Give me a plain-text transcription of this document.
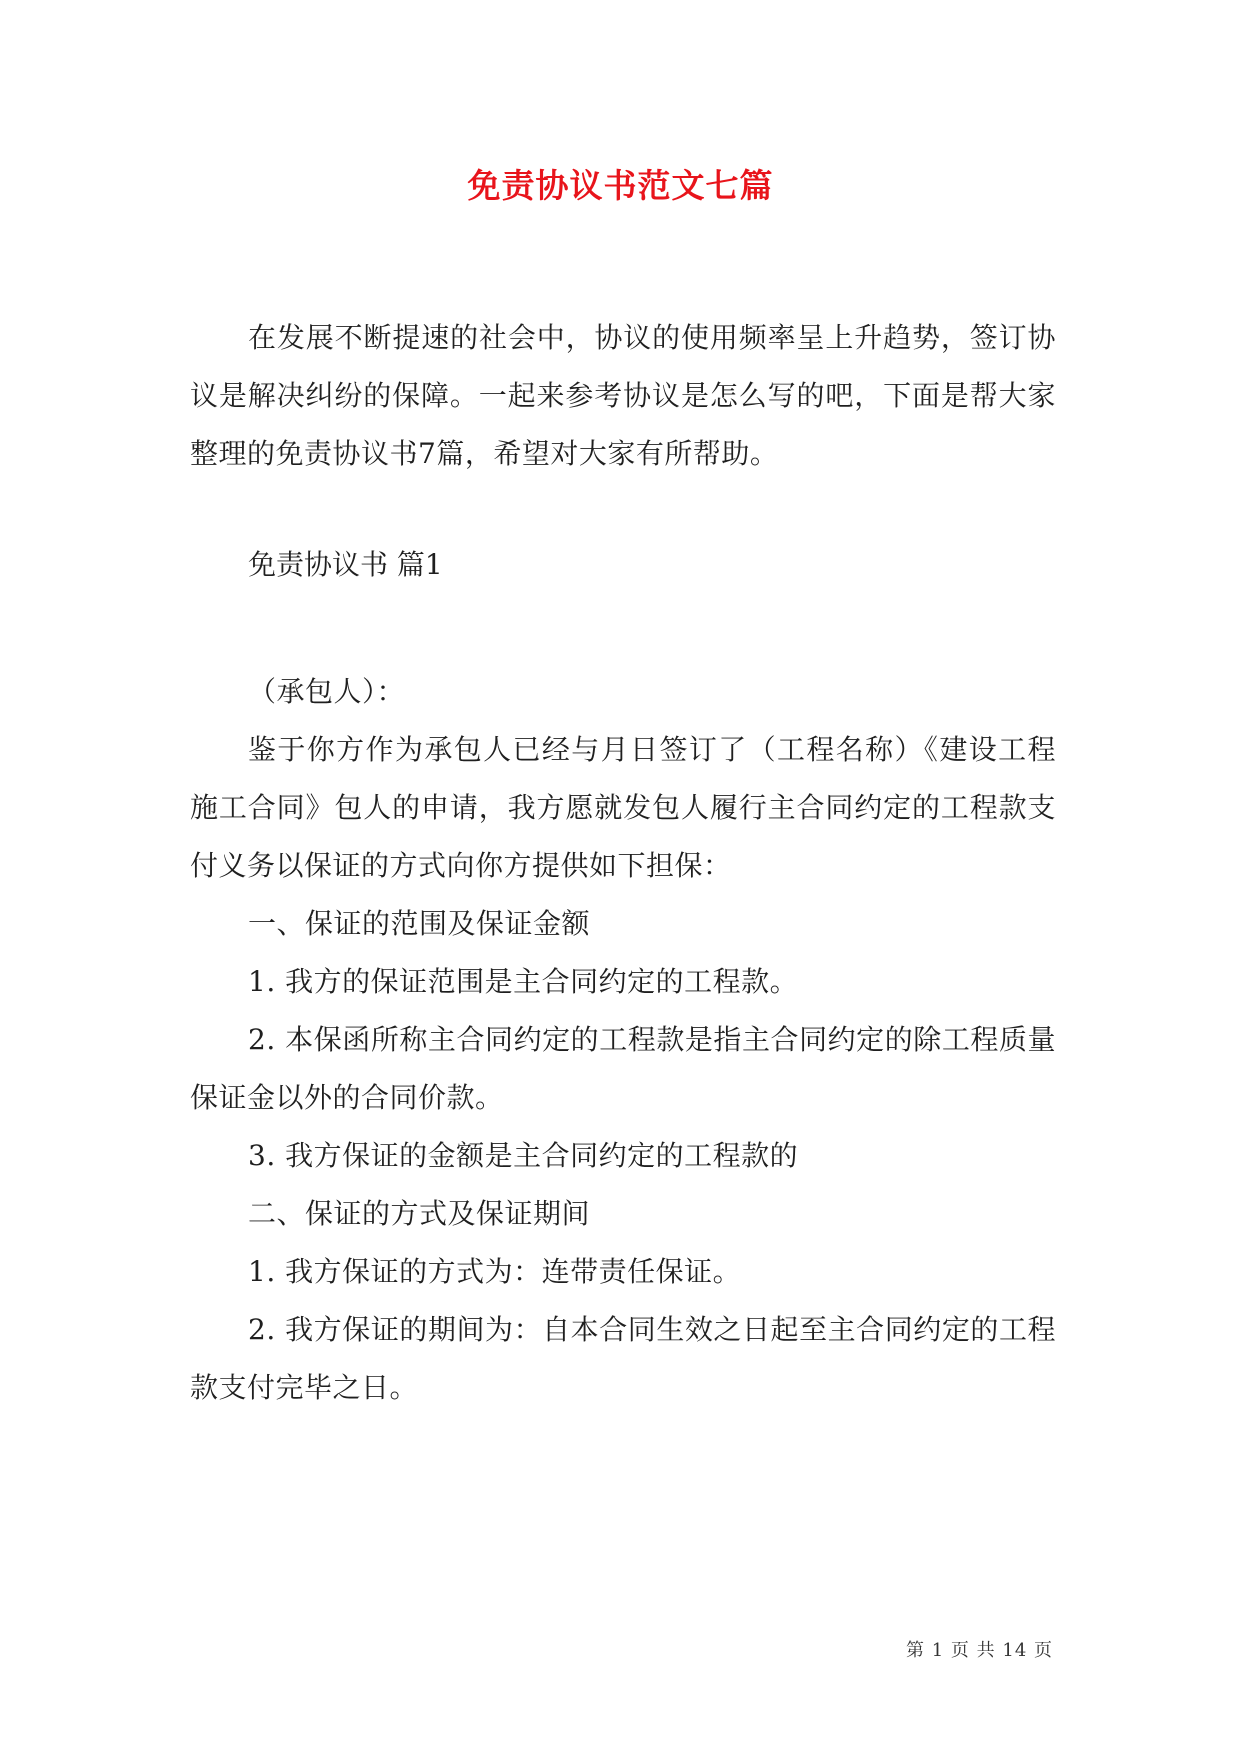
免责协议书范文七篇

在发展不断提速的社会中，协议的使用频率呈上升趋势，签订协议是解决纠纷的保障。一起来参考协议是怎么写的吧，下面是帮大家整理的免责协议书7篇，希望对大家有所帮助。

免责协议书 篇1

（承包人）：

鉴于你方作为承包人已经与月日签订了（工程名称）《建设工程施工合同》包人的申请，我方愿就发包人履行主合同约定的工程款支付义务以保证的方式向你方提供如下担保：

一、保证的范围及保证金额

1. 我方的保证范围是主合同约定的工程款。

2. 本保函所称主合同约定的工程款是指主合同约定的除工程质量保证金以外的合同价款。

3. 我方保证的金额是主合同约定的工程款的

二、保证的方式及保证期间

1. 我方保证的方式为：连带责任保证。

2. 我方保证的期间为：自本合同生效之日起至主合同约定的工程款支付完毕之日。

第 1 页 共 14 页
